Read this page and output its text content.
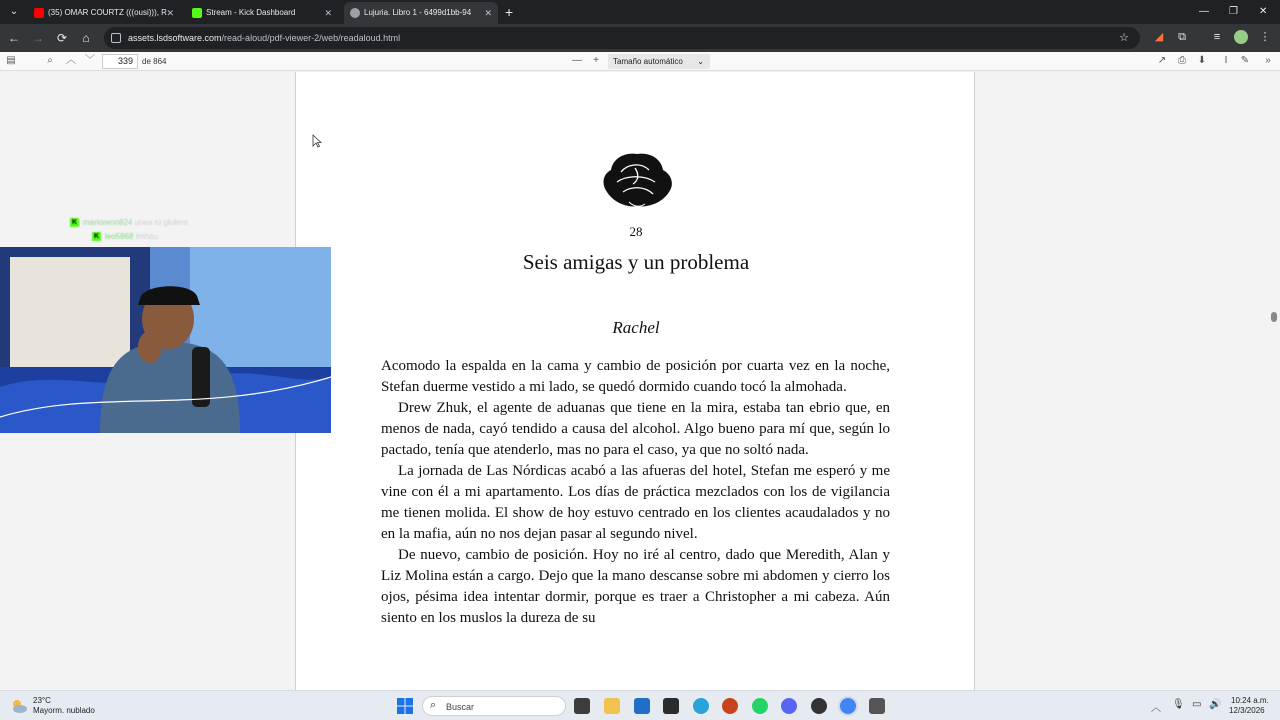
⌄	(35) OMAR COURTZ (((ousi))), R ✕	Stream - Kick Dashboard	✕	Lujuria. Libro 1 - 6499d1bb-94 ✕ +	— ❐ ✕
← → ⟳	⌂	assets.lsdsoftware.com/read-aloud/pdf-viewer-2/web/readaloud.html	☆ ◢ ⧉	≡	⋮
▤	⌕	︿ ﹀	339	de 864	—	+	Tamaño automático ⌄	↗	⎙	⬇	I	✎	»
28
Seis amigas y un problema
Rachel

Acomodo la espalda en la cama y cambio de posición por cuarta vez en la noche, Stefan duerme vestido a mi lado, se quedó dormido cuando tocó la almohada.

Drew Zhuk, el agente de aduanas que tiene en la mira, estaba tan ebrio que, en menos de nada, cayó tendido a causa del alcohol. Algo bueno para mí que, según lo pactado, tenía que atenderlo, mas no para el caso, ya que no soltó nada.

La jornada de Las Nórdicas acabó a las afueras del hotel, Stefan me esperó y me vine con él a mi apartamento. Los días de práctica mezclados con los de vigilancia me tienen molida. El show de hoy estuvo centrado en los clientes acaudalados y no en la mafia, aún no nos dejan pasar al segundo nivel.

De nuevo, cambio de posición. Hoy no iré al centro, dado que Meredith, Alan y Liz Molina están a cargo. Dejo que la mano descanse sobre mi abdomen y cierro los ojos, pésima idea intentar dormir, porque es traer a Christopher a mi cabeza. Aún siento en los muslos la dureza de su

K mariorenn824 unea tú glutero
K leo5868 Imhau
23°C
Mayorm. nublado	⌕ Buscar	︿ 🎙 ▭ 🔊 10:24 a.m.
12/3/2026
